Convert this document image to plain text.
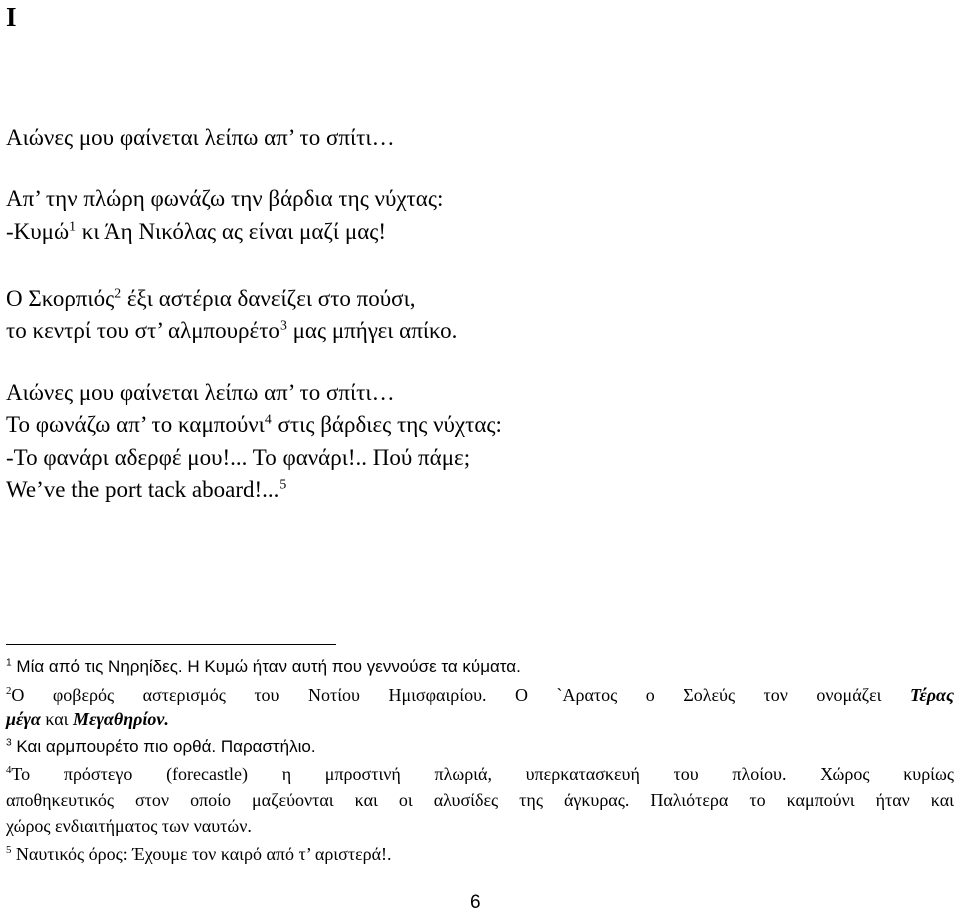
I
Αιώνες μου φαίνεται λείπω απ’ το σπίτι…
Απ’ την πλώρη φωνάζω την βάρδια της νύχτας:
-Κυμώ$^1$ κι Άη Νικόλας ας είναι μαζί μας!
Ο Σκορπιός$^2$ έξι αστέρια δανείζει στο πούσι,
το κεντρί του στ’ αλμπουρέτο$^3$ μας μπήγει απίκο.
Αιώνες μου φαίνεται λείπω απ’ το σπίτι…
Το φωνάζω απ’ το καμπούνι$^4$ στις βάρδιες της νύχτας:
-Το φανάρι αδερφέ μου!... Το φανάρι!.. Πού πάμε;
We’ve the port tack aboard!...$^5$
$^1$ Μία από τις Νηρηίδες. Η Κυμώ ήταν αυτή που γεννούσε τα κύματα.
$^2$Ο φοβερός αστερισμός του Νοτίου Ημισφαιρίου. Ο `Αρατος ο Σολεύς τον ονομάζει Τέρας
μέγα και Μεγαθηρίον.
$^3$ Και αρμπουρέτο πιο ορθά. Παραστήλιο.
$^4$Το πρόστεγο (forecastle) η μπροστινή πλωριά, υπερκατασκευή του πλοίου. Χώρος κυρίως
αποθηκευτικός στον οποίο μαζεύονται και οι αλυσίδες της άγκυρας. Παλιότερα το καμπούνι ήταν και
χώρος ενδιαιτήματος των ναυτών.
$^5$ Ναυτικός όρος: Έχουμε τον καιρό από τ’ αριστερά!.
6
